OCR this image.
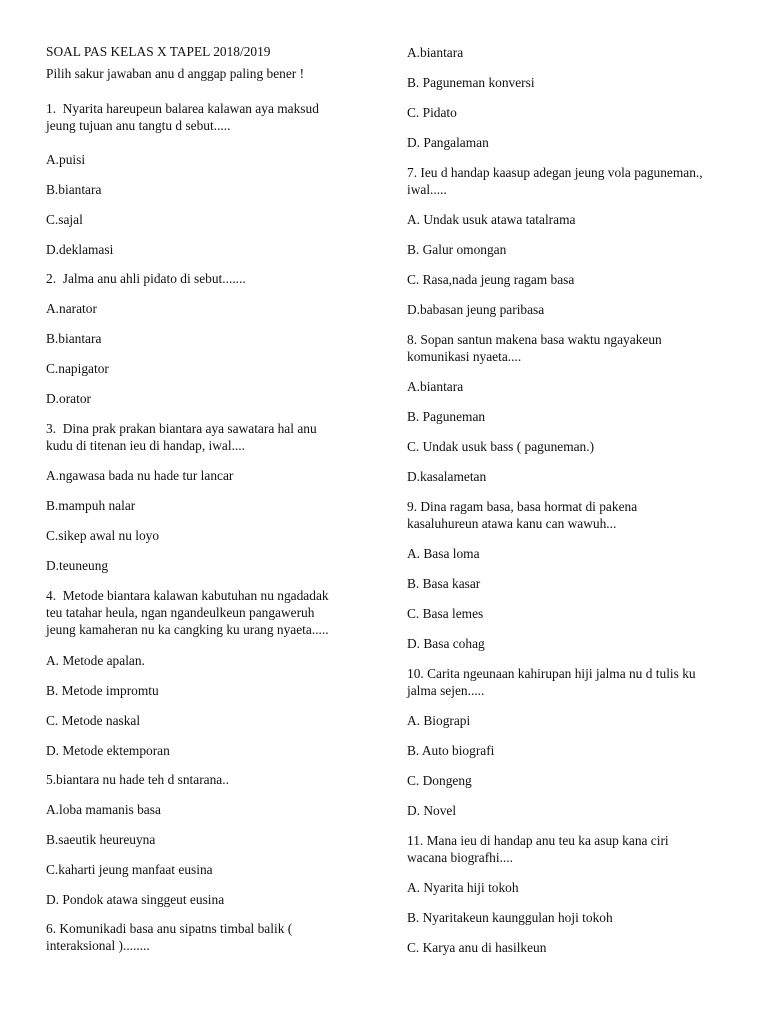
SOAL PAS KELAS X TAPEL 2018/2019
Pilih sakur jawaban anu d anggap paling bener !
1.  Nyarita hareupeun balarea kalawan aya maksud
jeung tujuan anu tangtu d sebut.....
A.puisi
B.biantara
C.sajal
D.deklamasi
2.  Jalma anu ahli pidato di sebut.......
A.narator
B.biantara
C.napigator
D.orator
3.  Dina prak prakan biantara aya sawatara hal anu
kudu di titenan ieu di handap, iwal....
A.ngawasa bada nu hade tur lancar
B.mampuh nalar
C.sikep awal nu loyo
D.teuneung
4.  Metode biantara kalawan kabutuhan nu ngadadak
teu tatahar heula, ngan ngandeulkeun pangaweruh
jeung kamaheran nu ka cangking ku urang nyaeta.....
A. Metode apalan.
B. Metode impromtu
C. Metode naskal
D. Metode ektemporan
5.biantara nu hade teh d sntarana..
A.loba mamanis basa
B.saeutik heureuyna
C.kaharti jeung manfaat eusina
D. Pondok atawa singgeut eusina
6. Komunikadi basa anu sipatns timbal balik (
interaksional )........
A.biantara
B. Paguneman konversi
C. Pidato
D. Pangalaman
7. Ieu d handap kaasup adegan jeung vola paguneman.,
iwal.....
A. Undak usuk atawa tatalrama
B. Galur omongan
C. Rasa,nada jeung ragam basa
D.babasan jeung paribasa
8. Sopan santun makena basa waktu ngayakeun
komunikasi nyaeta....
A.biantara
B. Paguneman
C. Undak usuk bass ( paguneman.)
D.kasalametan
9. Dina ragam basa, basa hormat di pakena
kasaluhureun atawa kanu can wawuh...
A. Basa loma
B. Basa kasar
C. Basa lemes
D. Basa cohag
10. Carita ngeunaan kahirupan hiji jalma nu d tulis ku
jalma sejen.....
A. Biograpi
B. Auto biografi
C. Dongeng
D. Novel
11. Mana ieu di handap anu teu ka asup kana ciri
wacana biografhi....
A. Nyarita hiji tokoh
B. Nyaritakeun kaunggulan hoji tokoh
C. Karya anu di hasilkeun
